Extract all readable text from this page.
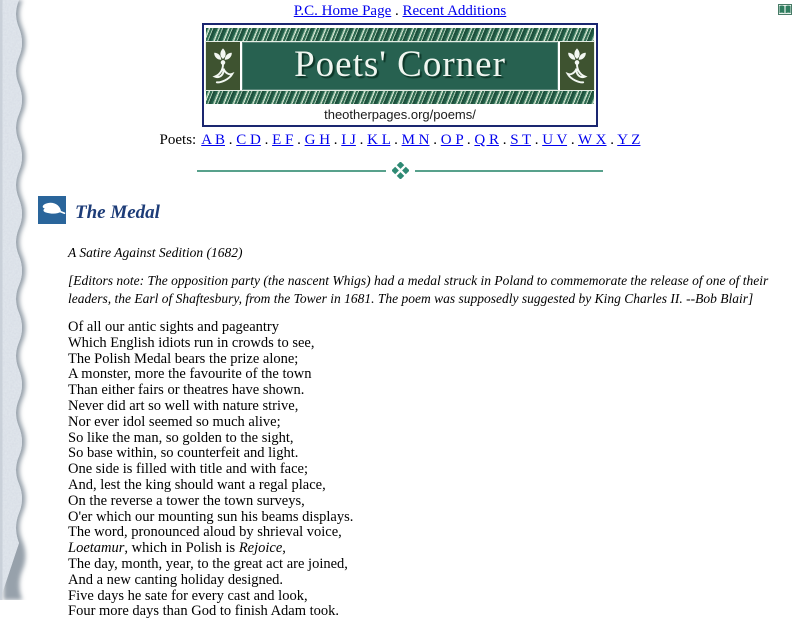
P.C. Home Page . Recent Additions
Poets' Corner
theotherpages.org/poems/
Poets: A B . C D . E F . G H . I J . K L . M N . O P . Q R . S T . U V . W X . Y Z
The Medal
A Satire Against Sedition (1682)
[Editors note: The opposition party (the nascent Whigs) had a medal struck in Poland to commemorate the release of one of their leaders, the Earl of Shaftesbury, from the Tower in 1681. The poem was supposedly suggested by King Charles II. --Bob Blair]
Of all our antic sights and pageantry
Which English idiots run in crowds to see,
The Polish Medal bears the prize alone;
A monster, more the favourite of the town
Than either fairs or theatres have shown.
Never did art so well with nature strive,
Nor ever idol seemed so much alive;
So like the man, so golden to the sight,
So base within, so counterfeit and light.
One side is filled with title and with face;
And, lest the king should want a regal place,
On the reverse a tower the town surveys,
O'er which our mounting sun his beams displays.
The word, pronounced aloud by shrieval voice,
Loetamur, which in Polish is Rejoice,
The day, month, year, to the great act are joined,
And a new canting holiday designed.
Five days he sate for every cast and look,
Four more days than God to finish Adam took.
